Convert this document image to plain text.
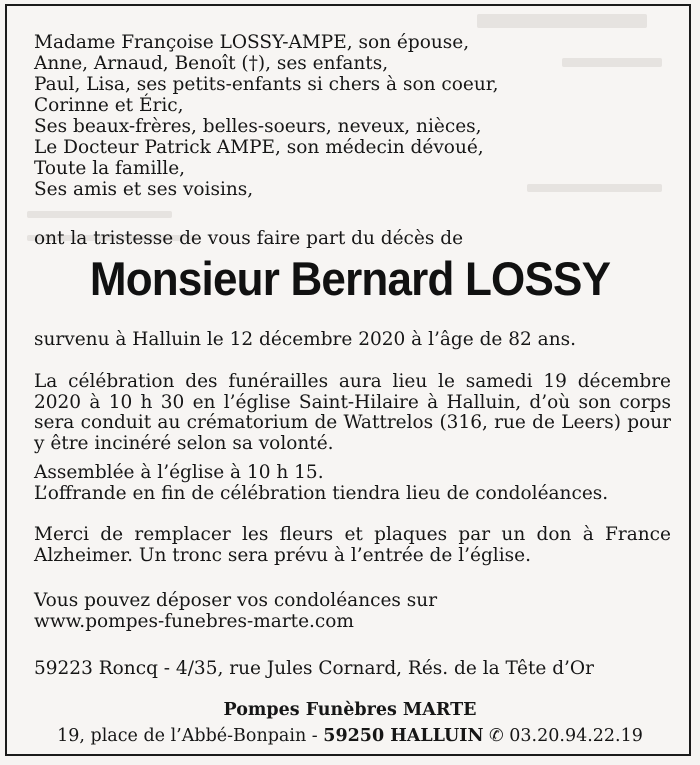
Madame Françoise LOSSY-AMPE, son épouse,
Anne, Arnaud, Benoît (†), ses enfants,
Paul, Lisa, ses petits-enfants si chers à son coeur,
Corinne et Éric,
Ses beaux-frères, belles-soeurs, neveux, nièces,
Le Docteur Patrick AMPE, son médecin dévoué,
Toute la famille,
Ses amis et ses voisins,
ont la tristesse de vous faire part du décès de
Monsieur Bernard LOSSY
survenu à Halluin le 12 décembre 2020 à l’âge de 82 ans.
La célébration des funérailles aura lieu le samedi 19 décembre 2020 à 10 h 30 en l’église Saint-Hilaire à Halluin, d’où son corps sera conduit au crématorium de Wattrelos (316, rue de Leers) pour y être incinéré selon sa volonté.
Assemblée à l’église à 10 h 15.
L’offrande en fin de célébration tiendra lieu de condoléances.
Merci de remplacer les fleurs et plaques par un don à France Alzheimer. Un tronc sera prévu à l’entrée de l’église.
Vous pouvez déposer vos condoléances sur
www.pompes-funebres-marte.com
59223 Roncq - 4/35, rue Jules Cornard, Rés. de la Tête d’Or
Pompes Funèbres MARTE
19, place de l’Abbé-Bonpain - 59250 HALLUIN ✆ 03.20.94.22.19
